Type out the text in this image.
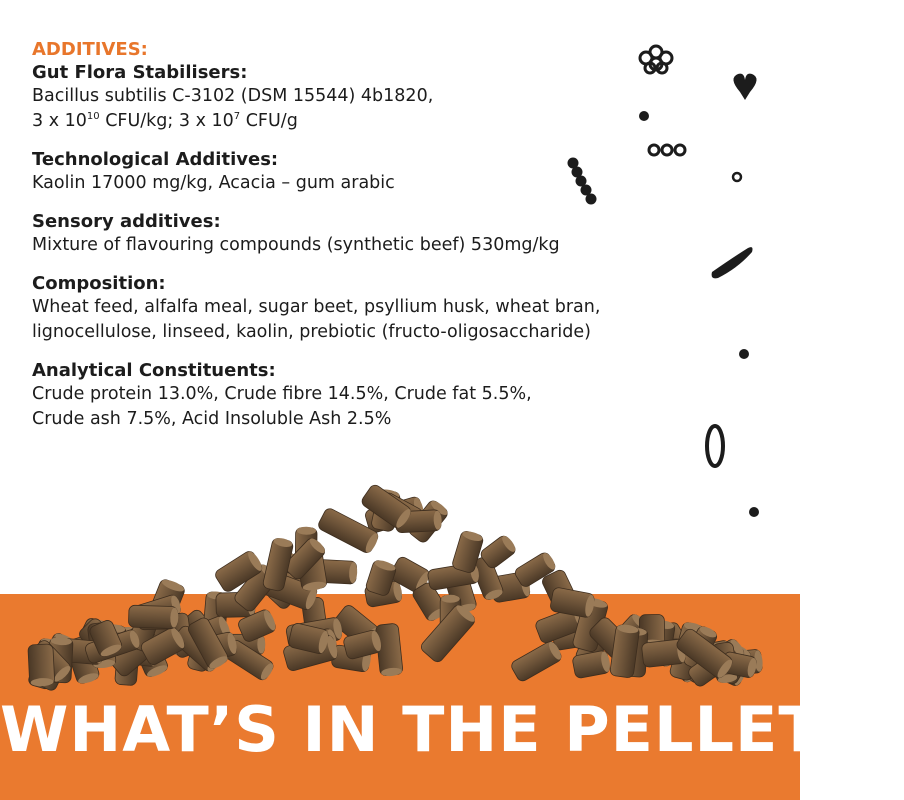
ADDITIVES:

Gut Flora Stabilisers:

Bacillus subtilis C-3102 (DSM 15544) 4b1820,

3 x $10^{10}$ CFU/kg; 3 x $10^7$ CFU/g

Technological Additives:

Kaolin 17000 mg/kg, Acacia – gum arabic

Sensory additives:

Mixture of flavouring compounds (synthetic beef) 530mg/kg

Composition:

Wheat feed, alfalfa meal, sugar beet, psyllium husk, wheat bran,

lignocellulose, linseed, kaolin, prebiotic (fructo-oligosaccharide)

Analytical Constituents:

Crude protein 13.0%, Crude fibre 14.5%, Crude fat 5.5%,

Crude ash 7.5%, Acid Insoluble Ash 2.5%

WHAT’S IN THE PELLETS?
